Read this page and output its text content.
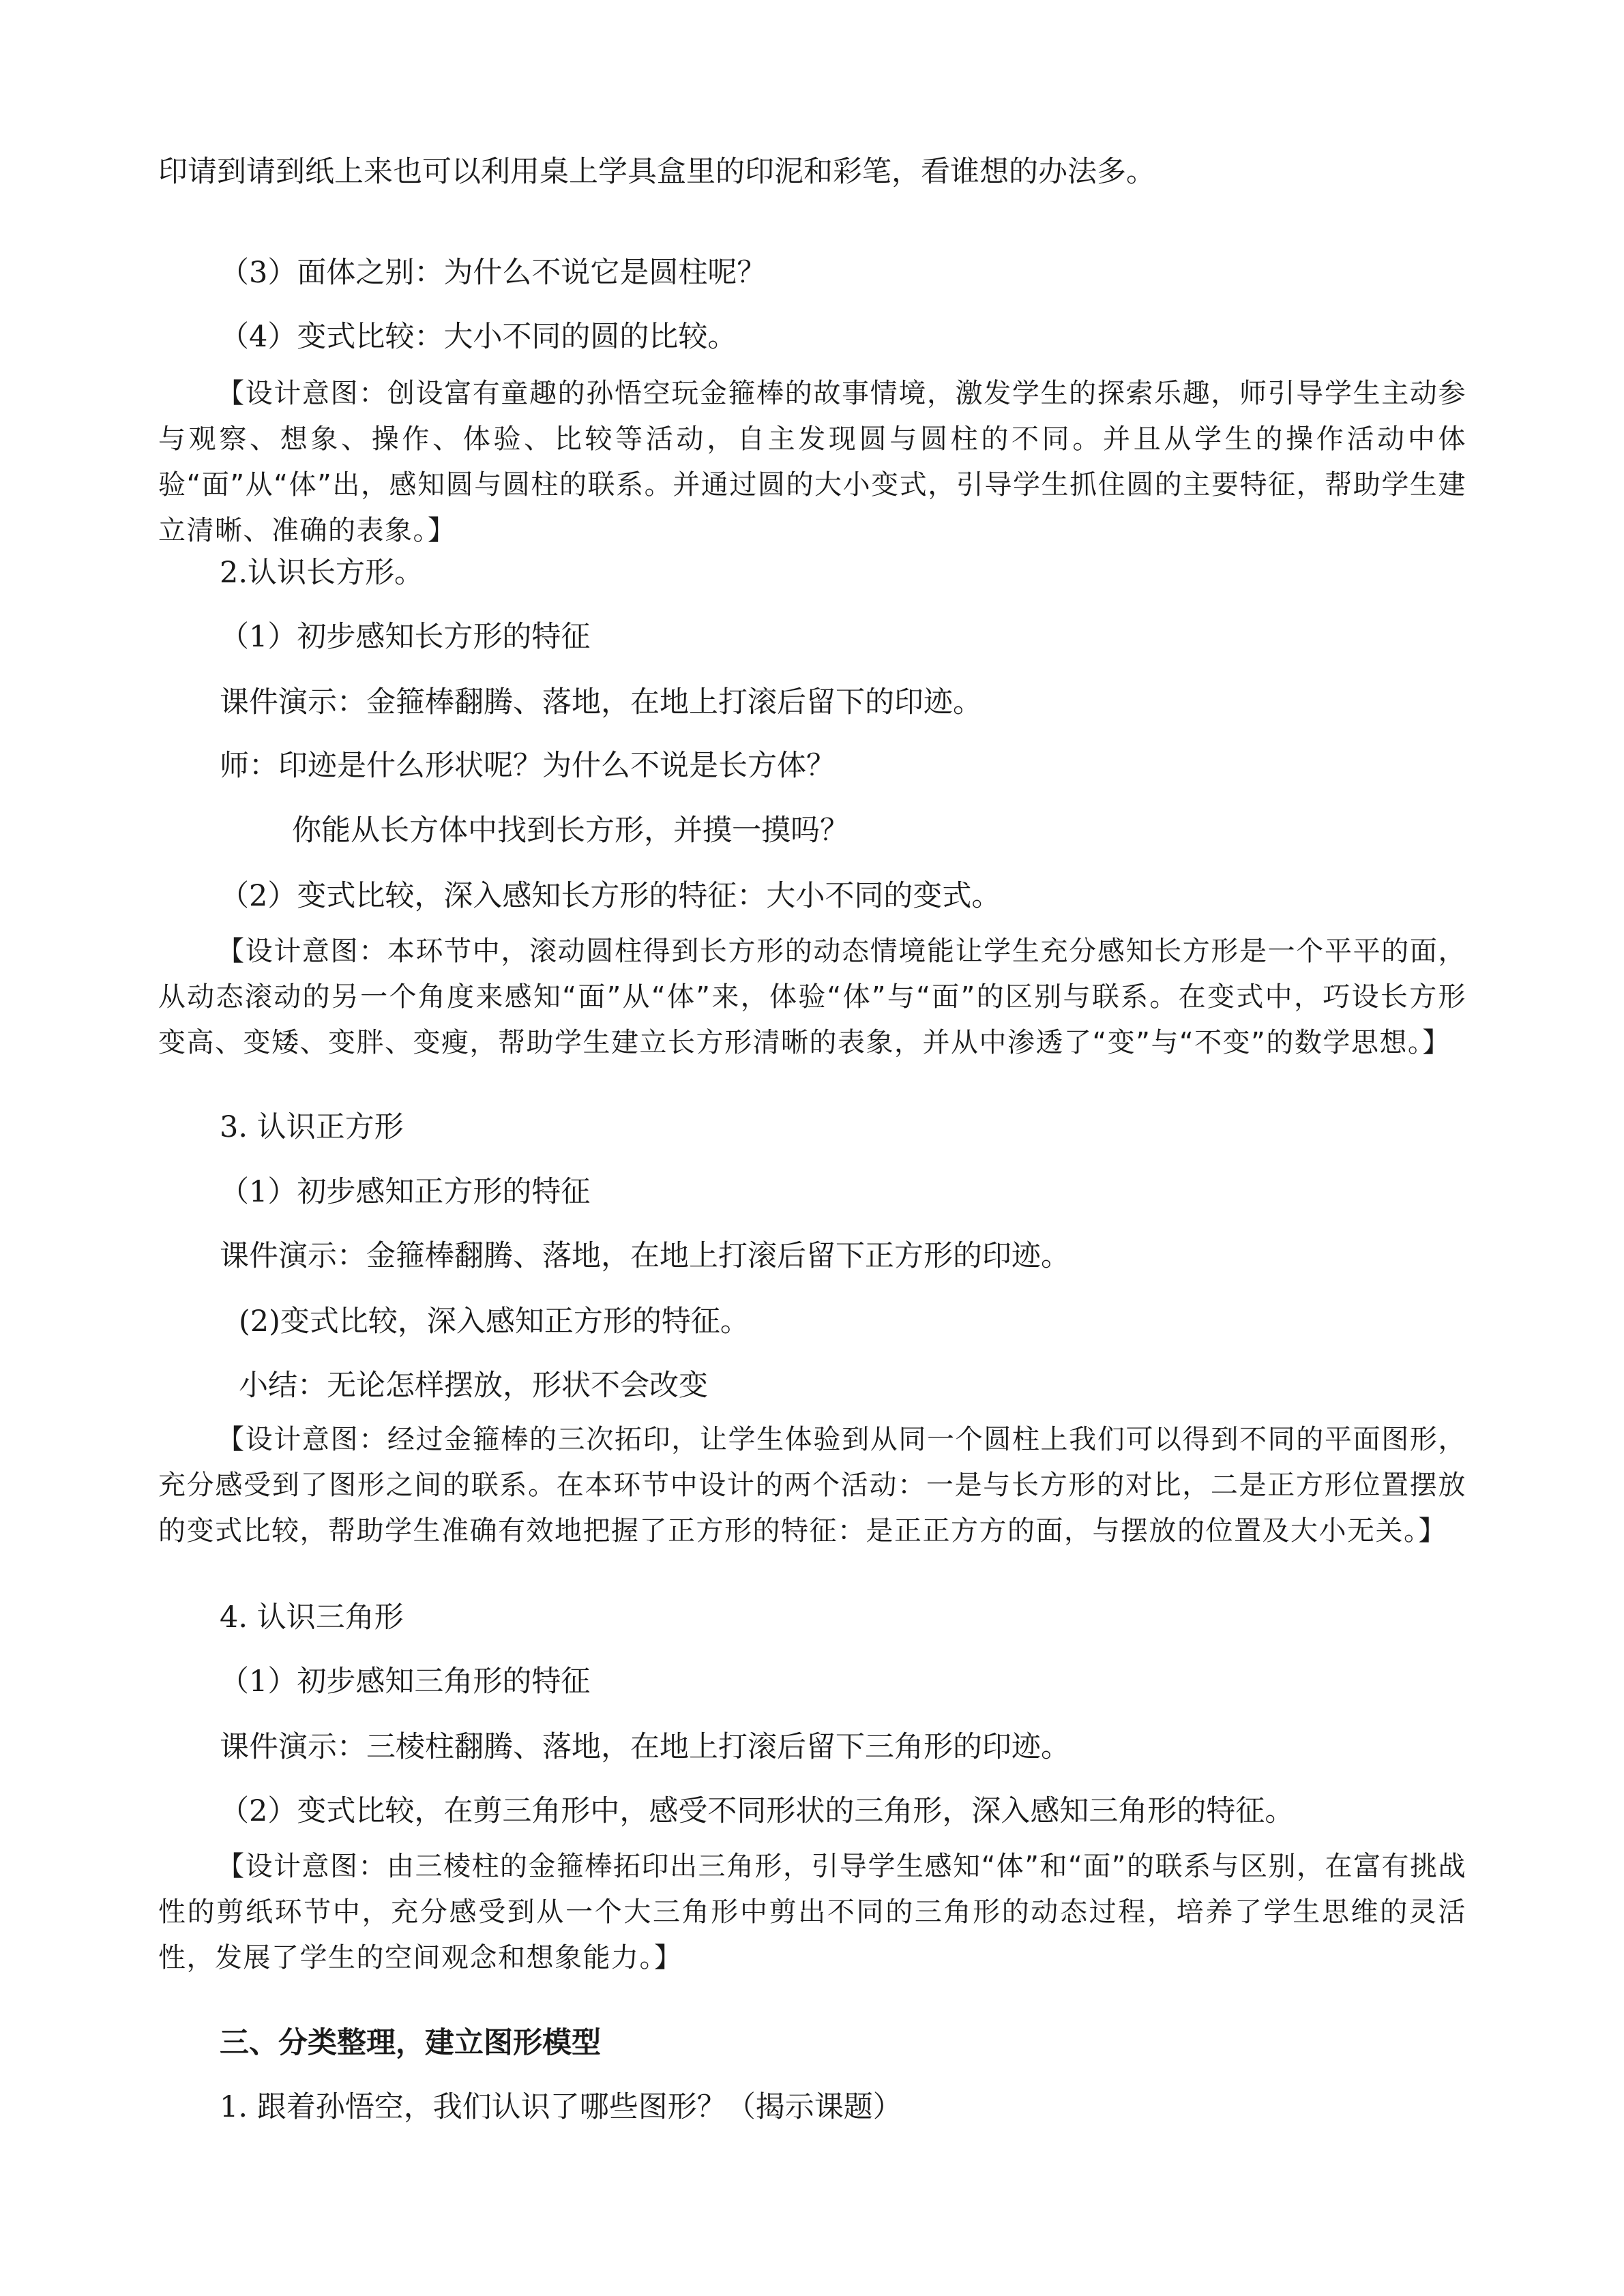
印请到请到纸上来也可以利用桌上学具盒里的印泥和彩笔，看谁想的办法多。

（3）面体之别：为什么不说它是圆柱呢？

（4）变式比较：大小不同的圆的比较。

【设计意图：创设富有童趣的孙悟空玩金箍棒的故事情境，激发学生的探索乐趣，师引导学生主动参与观察、想象、操作、体验、比较等活动，自主发现圆与圆柱的不同。并且从学生的操作活动中体验“面”从“体”出，感知圆与圆柱的联系。并通过圆的大小变式，引导学生抓住圆的主要特征，帮助学生建立清晰、准确的表象。】

2.认识长方形。

（1）初步感知长方形的特征

课件演示：金箍棒翻腾、落地，在地上打滚后留下的印迹。

师：印迹是什么形状呢？为什么不说是长方体？

你能从长方体中找到长方形，并摸一摸吗？

（2）变式比较，深入感知长方形的特征：大小不同的变式。

【设计意图：本环节中，滚动圆柱得到长方形的动态情境能让学生充分感知长方形是一个平平的面，从动态滚动的另一个角度来感知“面”从“体”来，体验“体”与“面”的区别与联系。在变式中，巧设长方形变高、变矮、变胖、变瘦，帮助学生建立长方形清晰的表象，并从中渗透了“变”与“不变”的数学思想。】

3. 认识正方形

（1）初步感知正方形的特征

课件演示：金箍棒翻腾、落地，在地上打滚后留下正方形的印迹。

(2)变式比较，深入感知正方形的特征。

小结：无论怎样摆放，形状不会改变

【设计意图：经过金箍棒的三次拓印，让学生体验到从同一个圆柱上我们可以得到不同的平面图形，充分感受到了图形之间的联系。在本环节中设计的两个活动：一是与长方形的对比，二是正方形位置摆放的变式比较，帮助学生准确有效地把握了正方形的特征：是正正方方的面，与摆放的位置及大小无关。】

4. 认识三角形

（1）初步感知三角形的特征

课件演示：三棱柱翻腾、落地，在地上打滚后留下三角形的印迹。

（2）变式比较，在剪三角形中，感受不同形状的三角形，深入感知三角形的特征。

【设计意图：由三棱柱的金箍棒拓印出三角形，引导学生感知“体”和“面”的联系与区别，在富有挑战性的剪纸环节中，充分感受到从一个大三角形中剪出不同的三角形的动态过程，培养了学生思维的灵活性，发展了学生的空间观念和想象能力。】

三、分类整理，建立图形模型

1. 跟着孙悟空，我们认识了哪些图形？（揭示课题）
